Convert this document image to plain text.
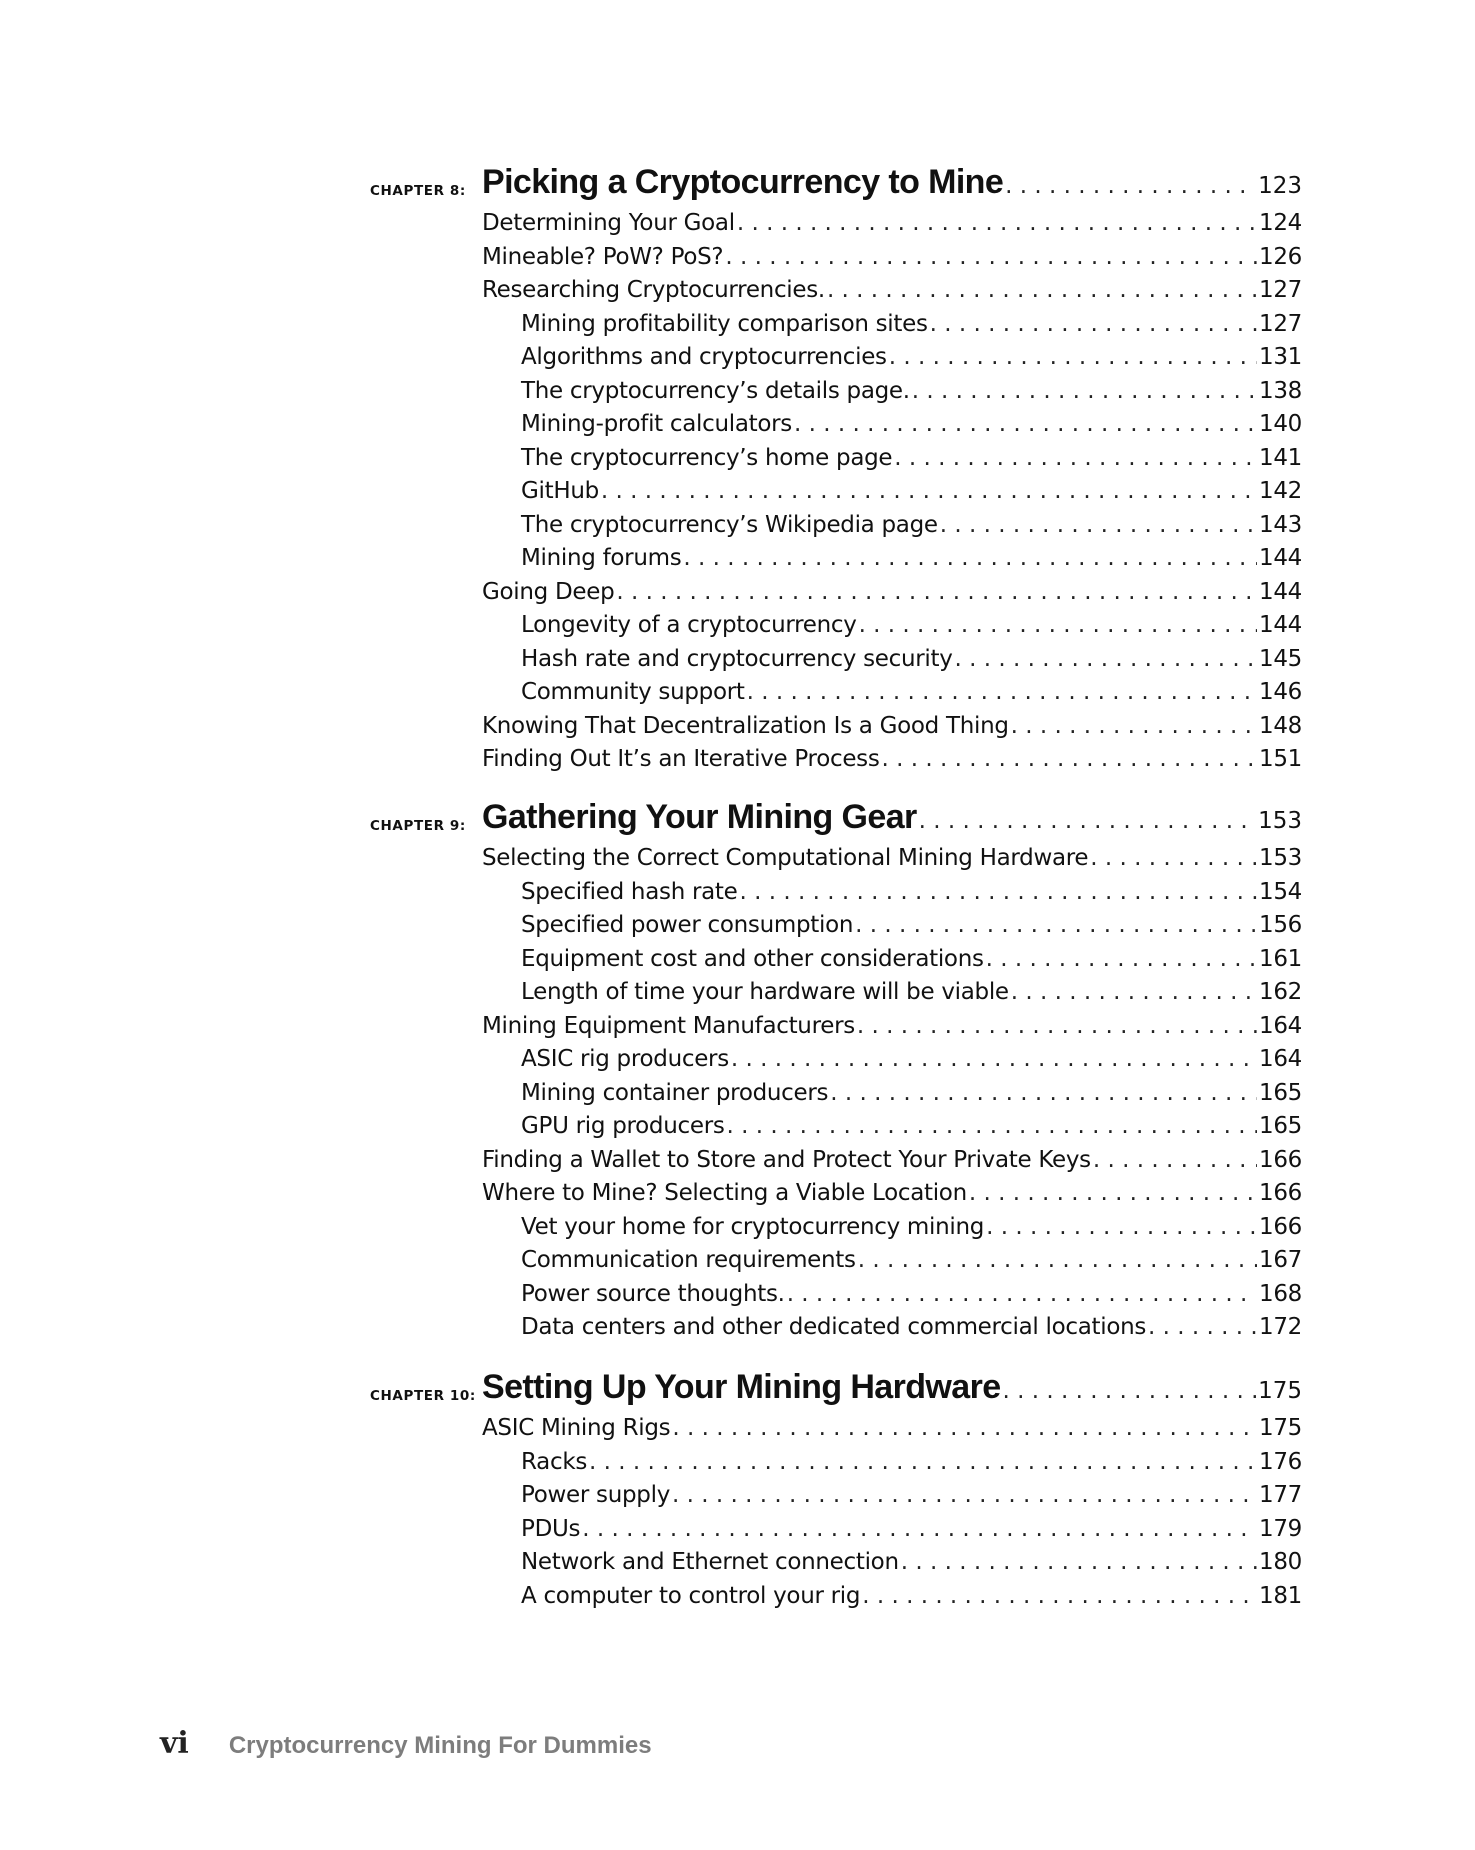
CHAPTER 8: Picking a Cryptocurrency to Mine . . .	123
Determining Your Goal . . .	124
Mineable? PoW? PoS? . . .	126
Researching Cryptocurrencies. . . .	127
Mining profitability comparison sites . . .	127
Algorithms and cryptocurrencies . . .	131
The cryptocurrency’s details page. . . .	138
Mining-profit calculators . . .	140
The cryptocurrency’s home page . . .	141
GitHub . . .	142
The cryptocurrency’s Wikipedia page . . .	143
Mining forums . . .	144
Going Deep . . .	144
Longevity of a cryptocurrency . . .	144
Hash rate and cryptocurrency security . . .	145
Community support . . .	146
Knowing That Decentralization Is a Good Thing . . .	148
Finding Out It’s an Iterative Process . . .	151
CHAPTER 9: Gathering Your Mining Gear . . .	153
Selecting the Correct Computational Mining Hardware . . .	153
Specified hash rate . . .	154
Specified power consumption . . .	156
Equipment cost and other considerations . . .	161
Length of time your hardware will be viable . . .	162
Mining Equipment Manufacturers . . .	164
ASIC rig producers . . .	164
Mining container producers . . .	165
GPU rig producers . . .	165
Finding a Wallet to Store and Protect Your Private Keys . . .	166
Where to Mine? Selecting a Viable Location . . .	166
Vet your home for cryptocurrency mining . . .	166
Communication requirements . . .	167
Power source thoughts. . . .	168
Data centers and other dedicated commercial locations . . .	172
CHAPTER 10: Setting Up Your Mining Hardware . . .	175
ASIC Mining Rigs . . .	175
Racks . . .	176
Power supply . . .	177
PDUs . . .	179
Network and Ethernet connection . . .	180
A computer to control your rig . . .	181
vi Cryptocurrency Mining For Dummies
